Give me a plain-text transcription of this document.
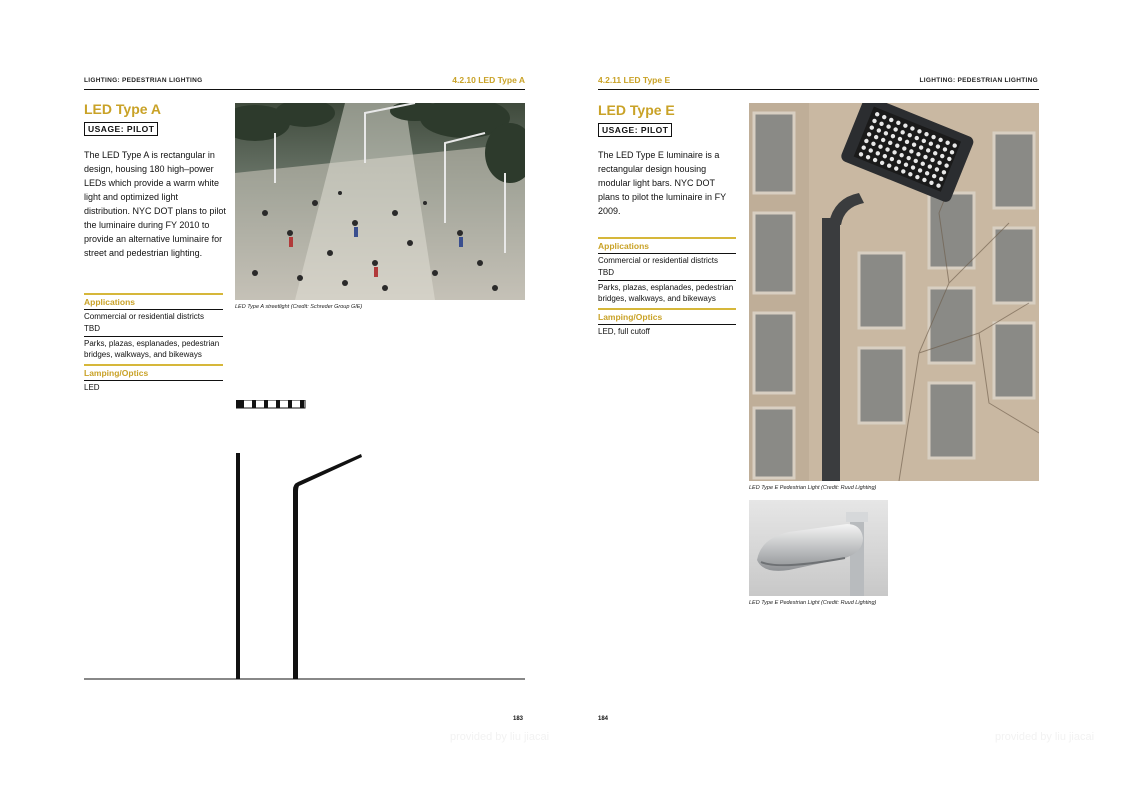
LIGHTING: PEDESTRIAN LIGHTING	4.2.10 LED Type A
LED Type A
USAGE: PILOT
The LED Type A is rectangular in design, housing 180 high–power LEDs which provide a warm white light and optimized light distribution. NYC DOT plans to pilot the luminaire during FY 2010 to provide an alternative luminaire for street and pedestrian lighting.
Applications
Commercial or residential districts
TBD
Parks, plazas, esplanades, pedestrian bridges, walkways, and bikeways
Lamping/Optics
LED
LED Type A streetlight (Credit: Schreder Group GIE)
183
provided by liu jiacai
4.2.11 LED Type E	LIGHTING: PEDESTRIAN LIGHTING
LED Type E
USAGE: PILOT
The LED Type E luminaire is a rectangular design housing modular light bars. NYC DOT plans to pilot the luminaire in FY 2009.
Applications
Commercial or residential districts
TBD
Parks, plazas, esplanades, pedestrian bridges, walkways, and bikeways
Lamping/Optics
LED, full cutoff
LED Type E Pedestrian Light (Credit: Ruud Lighting)
LED Type E Pedestrian Light (Credit: Ruud Lighting)
184
provided by liu jiacai
